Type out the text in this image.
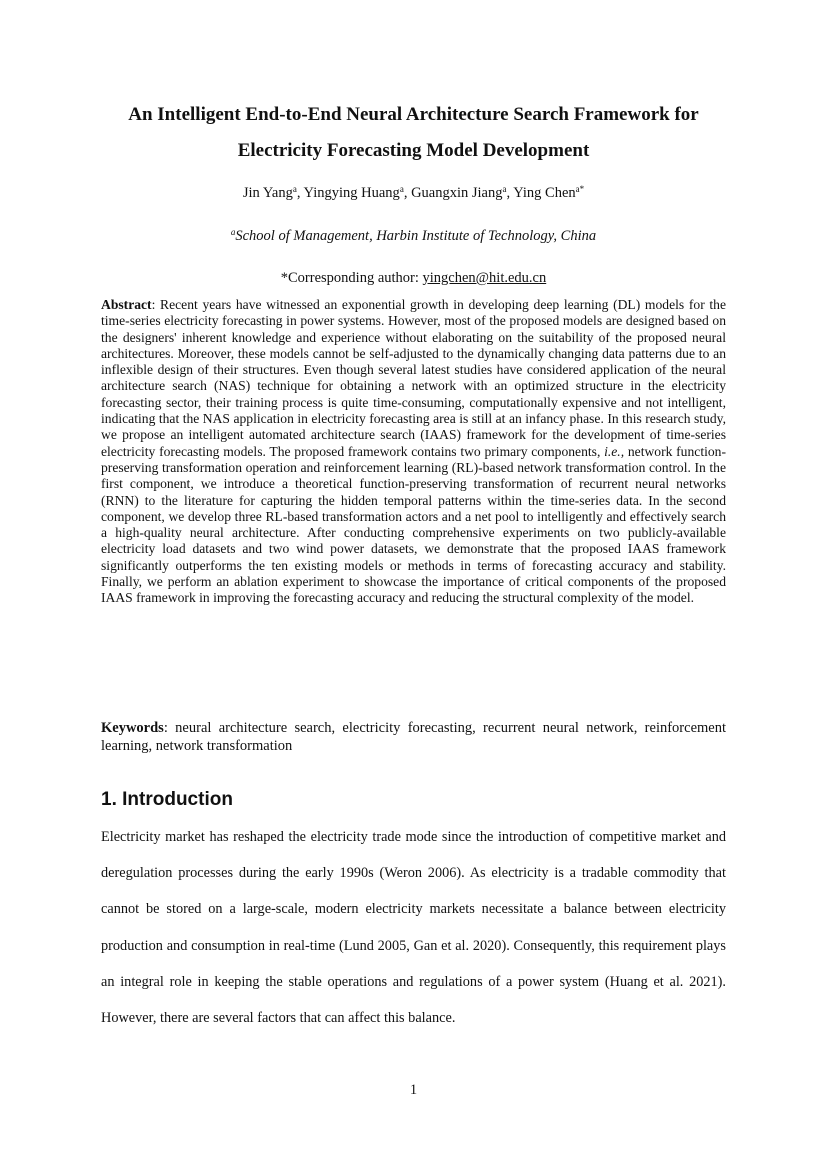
An Intelligent End-to-End Neural Architecture Search Framework for
Electricity Forecasting Model Development
Jin Yang$^a$, Yingying Huang$^a$, Guangxin Jiang$^a$, Ying Chen$^{a*}$
$^a$School of Management, Harbin Institute of Technology, China
*Corresponding author: yingchen@hit.edu.cn

Abstract: Recent years have witnessed an exponential growth in developing deep learning (DL) models for the time-series electricity forecasting in power systems. However, most of the proposed models are designed based on the designers' inherent knowledge and experience without elaborating on the suitability of the proposed neural architectures. Moreover, these models cannot be self-adjusted to the dynamically changing data patterns due to an inflexible design of their structures. Even though several latest studies have considered application of the neural architecture search (NAS) technique for obtaining a network with an optimized structure in the electricity forecasting sector, their training process is quite time-consuming, computationally expensive and not intelligent, indicating that the NAS application in electricity forecasting area is still at an infancy phase. In this research study, we propose an intelligent automated architecture search (IAAS) framework for the development of time-series electricity forecasting models. The proposed framework contains two primary components, i.e., network function-preserving transformation operation and reinforcement learning (RL)-based network transformation control. In the first component, we introduce a theoretical function-preserving transformation of recurrent neural networks (RNN) to the literature for capturing the hidden temporal patterns within the time-series data. In the second component, we develop three RL-based transformation actors and a net pool to intelligently and effectively search a high-quality neural architecture. After conducting comprehensive experiments on two publicly-available electricity load datasets and two wind power datasets, we demonstrate that the proposed IAAS framework significantly outperforms the ten existing models or methods in terms of forecasting accuracy and stability. Finally, we perform an ablation experiment to showcase the importance of critical components of the proposed IAAS framework in improving the forecasting accuracy and reducing the structural complexity of the model.

Keywords: neural architecture search, electricity forecasting, recurrent neural network, reinforcement learning, network transformation
1. Introduction

Electricity market has reshaped the electricity trade mode since the introduction of competitive market and deregulation processes during the early 1990s (Weron 2006). As electricity is a tradable commodity that cannot be stored on a large-scale, modern electricity markets necessitate a balance between electricity production and consumption in real-time (Lund 2005, Gan et al. 2020). Consequently, this requirement plays an integral role in keeping the stable operations and regulations of a power system (Huang et al. 2021). However, there are several factors that can affect this balance.

1
